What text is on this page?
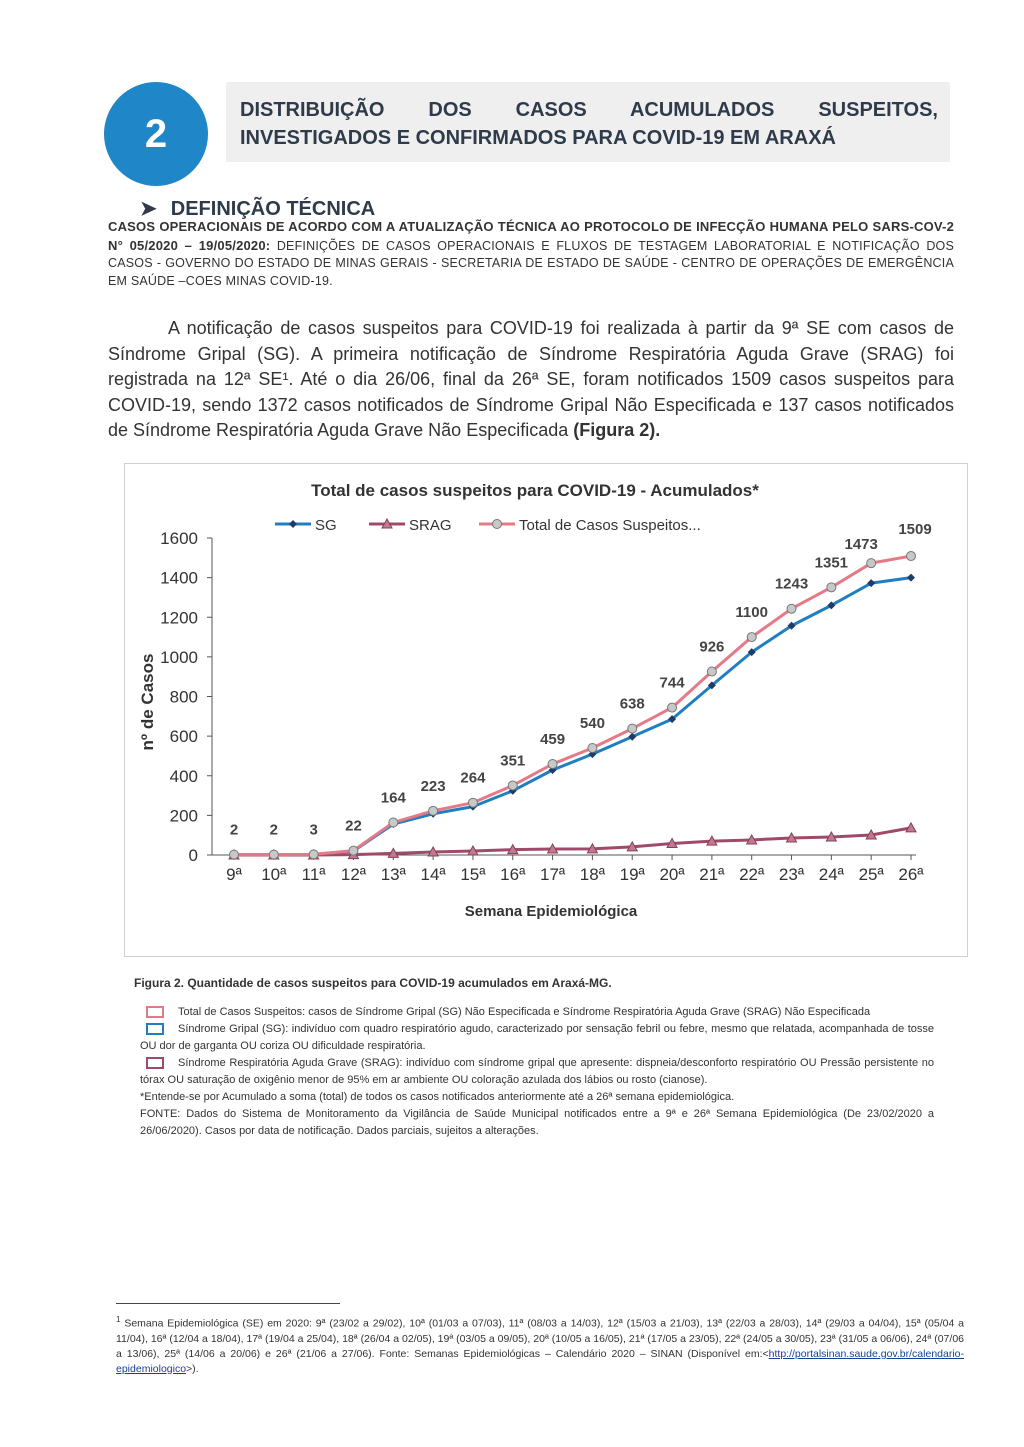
2
DISTRIBUIÇÃO DOS CASOS ACUMULADOS SUSPEITOS, INVESTIGADOS E CONFIRMADOS PARA COVID-19 EM ARAXÁ
➤ DEFINIÇÃO TÉCNICA
CASOS OPERACIONAIS DE ACORDO COM A ATUALIZAÇÃO TÉCNICA AO PROTOCOLO DE INFECÇÃO HUMANA PELO SARS-COV-2 N° 05/2020 – 19/05/2020: DEFINIÇÕES DE CASOS OPERACIONAIS E FLUXOS DE TESTAGEM LABORATORIAL E NOTIFICAÇÃO DOS CASOS - GOVERNO DO ESTADO DE MINAS GERAIS - SECRETARIA DE ESTADO DE SAÚDE - CENTRO DE OPERAÇÕES DE EMERGÊNCIA EM SAÚDE –COES MINAS COVID-19.
A notificação de casos suspeitos para COVID-19 foi realizada à partir da 9ª SE com casos de Síndrome Gripal (SG). A primeira notificação de Síndrome Respiratória Aguda Grave (SRAG) foi registrada na 12ª SE¹. Até o dia 26/06, final da 26ª SE, foram notificados 1509 casos suspeitos para COVID-19, sendo 1372 casos notificados de Síndrome Gripal Não Especificada e 137 casos notificados de Síndrome Respiratória Aguda Grave Não Especificada (Figura 2).
Total de casos suspeitos para COVID-19 - Acumulados*
0
200
400
600
800
1000
1200
1400
1600
9ª 10ª 11ª 12ª 13ª 14ª 15ª 16ª 17ª 18ª 19ª 20ª 21ª 22ª 23ª 24ª 25ª 26ª
Semana Epidemiológica
nº de Casos
SG	SRAG	Total de Casos Suspeitos...
2 2 3 22
164
223 264
351
459
540
638
744
926
1100
1243
1351
1473
1509
Figura 2. Quantidade de casos suspeitos para COVID-19 acumulados em Araxá-MG.
Total de Casos Suspeitos: casos de Síndrome Gripal (SG) Não Especificada e Síndrome Respiratória Aguda Grave (SRAG) Não Especificada
Síndrome Gripal (SG): indivíduo com quadro respiratório agudo, caracterizado por sensação febril ou febre, mesmo que relatada, acompanhada de tosse OU dor de garganta OU coriza OU dificuldade respiratória.
Síndrome Respiratória Aguda Grave (SRAG): indivíduo com síndrome gripal que apresente: dispneia/desconforto respiratório OU Pressão persistente no tórax OU saturação de oxigênio menor de 95% em ar ambiente OU coloração azulada dos lábios ou rosto (cianose).
*Entende-se por Acumulado a soma (total) de todos os casos notificados anteriormente até a 26ª semana epidemiológica.
FONTE: Dados do Sistema de Monitoramento da Vigilância de Saúde Municipal notificados entre a 9ª e 26ª Semana Epidemiológica (De 23/02/2020 a 26/06/2020). Casos por data de notificação. Dados parciais, sujeitos a alterações.
$^1$ Semana Epidemiológica (SE) em 2020: 9ª (23/02 a 29/02), 10ª (01/03 a 07/03), 11ª (08/03 a 14/03), 12ª (15/03 a 21/03), 13ª (22/03 a 28/03), 14ª (29/03 a 04/04), 15ª (05/04 a 11/04), 16ª (12/04 a 18/04), 17ª (19/04 a 25/04), 18ª (26/04 a 02/05), 19ª (03/05 a 09/05), 20ª (10/05 a 16/05), 21ª (17/05 a 23/05), 22ª (24/05 a 30/05), 23ª (31/05 a 06/06), 24ª (07/06 a 13/06), 25ª (14/06 a 20/06) e 26ª (21/06 a 27/06). Fonte: Semanas Epidemiológicas – Calendário 2020 – SINAN (Disponível em:<http://portalsinan.saude.gov.br/calendario-epidemiologico>).
